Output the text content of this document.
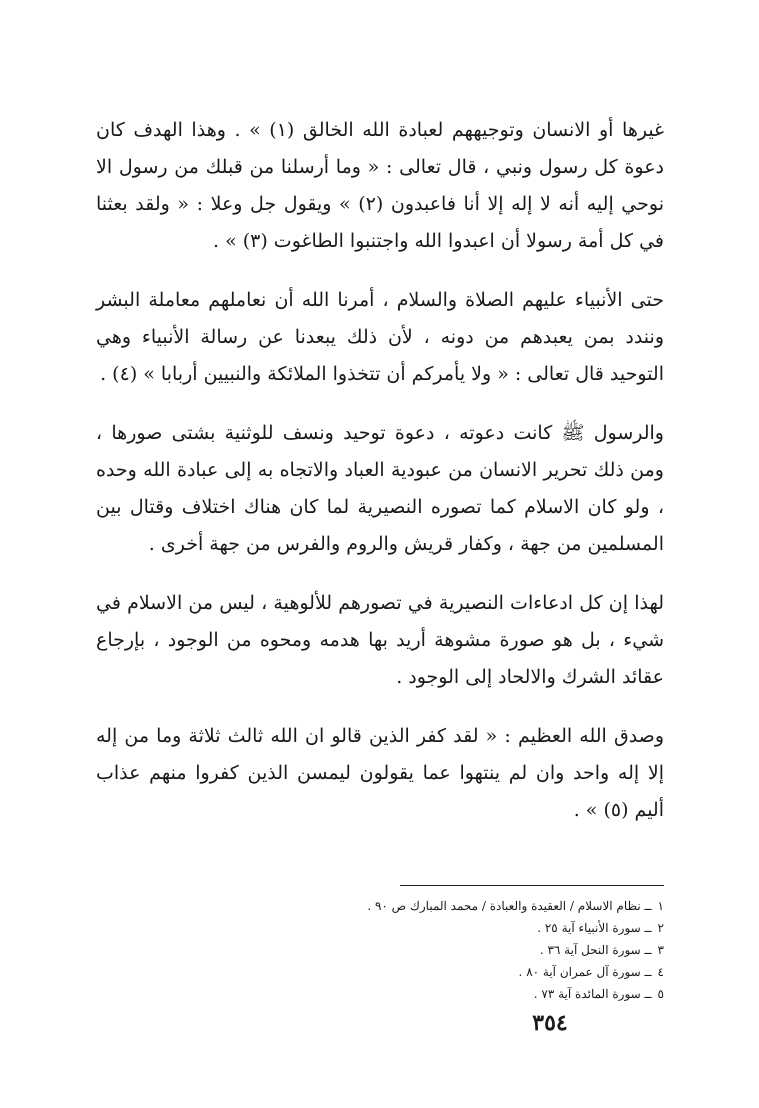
غيرها أو الانسان وتوجيههم لعبادة الله الخالق (١) » . وهذا الهدف كان دعوة كل رسول ونبي ، قال تعالى : « وما أرسلنا من قبلك من رسول الا نوحي إليه أنه لا إله إلا أنا فاعبدون (٢) » ويقول جل وعلا : « ولقد بعثنا في كل أمة رسولا أن اعبدوا الله واجتنبوا الطاغوت (٣) » .

حتى الأنبياء عليهم الصلاة والسلام ، أمرنا الله أن نعاملهم معاملة البشر ونندد بمن يعبدهم من دونه ، لأن ذلك يبعدنا عن رسالة الأنبياء وهي التوحيد قال تعالى : « ولا يأمركم أن تتخذوا الملائكة والنبيين أربابا » (٤) .

والرسول ﷺ كانت دعوته ، دعوة توحيد ونسف للوثنية بشتى صورها ، ومن ذلك تحرير الانسان من عبودية العباد والاتجاه به إلى عبادة الله وحده ، ولو كان الاسلام كما تصوره النصيرية لما كان هناك اختلاف وقتال بين المسلمين من جهة ، وكفار قريش والروم والفرس من جهة أخرى .

لهذا إن كل ادعاءات النصيرية في تصورهم للألوهية ، ليس من الاسلام في شيء ، بل هو صورة مشوهة أريد بها هدمه ومحوه من الوجود ، بإرجاع عقائد الشرك والالحاد إلى الوجود .

وصدق الله العظيم : « لقد كفر الذين قالو ان الله ثالث ثلاثة وما من إله إلا إله واحد وان لم ينتهوا عما يقولون ليمسن الذين كفروا منهم عذاب أليم (٥) » .

١ــ نظام الاسلام / العقيدة والعبادة / محمد المبارك ص ٩٠ .

٢ــ سورة الأنبياء آية ٢٥ .

٣ــ سورة النحل آية ٣٦ .

٤ــ سورة آل عمران آية ٨٠ .

٥ــ سورة المائدة آية ٧٣ .

٣٥٤
